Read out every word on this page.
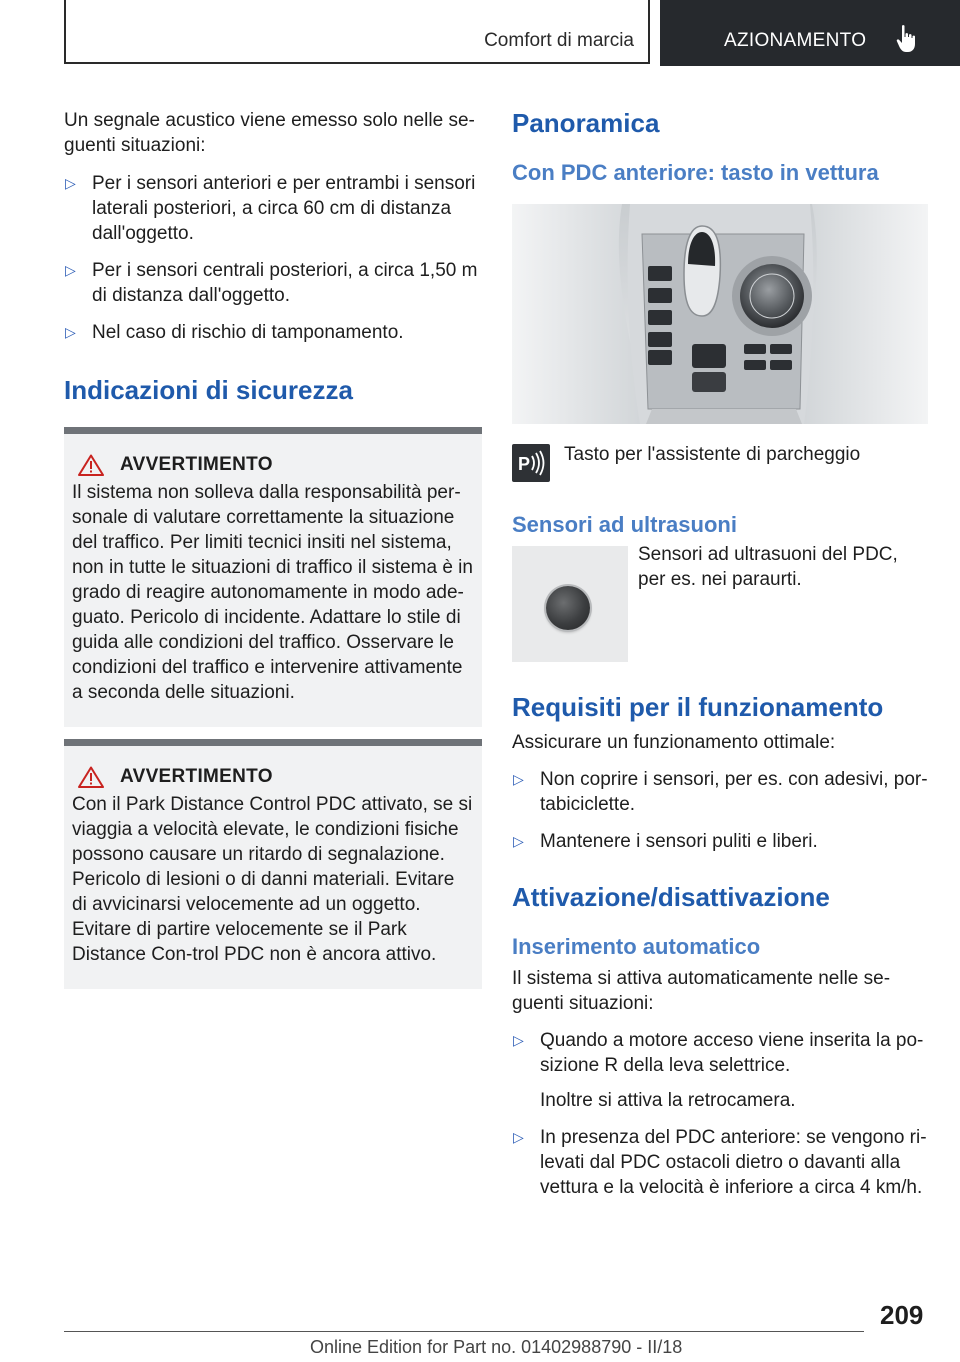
Comfort di marcia	AZIONAMENTO

Un segnale acustico viene emesso solo nelle se-guenti situazioni:

▷ Per i sensori anteriori e per entrambi i sensori laterali posteriori, a circa 60 cm di distanza dall'oggetto.
▷ Per i sensori centrali posteriori, a circa 1,50 m di distanza dall'oggetto.
▷ Nel caso di rischio di tamponamento.
Indicazioni di sicurezza
AVVERTIMENTO

Il sistema non solleva dalla responsabilità per-sonale di valutare correttamente la situazione del traffico. Per limiti tecnici insiti nel sistema, non in tutte le situazioni di traffico il sistema è in grado di reagire autonomamente in modo ade-guato. Pericolo di incidente. Adattare lo stile di guida alle condizioni del traffico. Osservare le condizioni del traffico e intervenire attivamente a seconda delle situazioni.

AVVERTIMENTO

Con il Park Distance Control PDC attivato, se si viaggia a velocità elevate, le condizioni fisiche possono causare un ritardo di segnalazione. Pericolo di lesioni o di danni materiali. Evitare di avvicinarsi velocemente ad un oggetto. Evitare di partire velocemente se il Park Distance Con-trol PDC non è ancora attivo.

Panoramica
Con PDC anteriore: tasto in vettura
P Tasto per l'assistente di parcheggio

Sensori ad ultrasuoni

Sensori ad ultrasuoni del PDC, per es. nei paraurti.

Requisiti per il funzionamento

Assicurare un funzionamento ottimale:

▷ Non coprire i sensori, per es. con adesivi, por-tabiciclette.
▷ Mantenere i sensori puliti e liberi.
Attivazione/disattivazione
Inserimento automatico

Il sistema si attiva automaticamente nelle se-guenti situazioni:

▷ Quando a motore acceso viene inserita la po-sizione R della leva selettrice.
Inoltre si attiva la retrocamera.
▷ In presenza del PDC anteriore: se vengono ri-levati dal PDC ostacoli dietro o davanti alla vettura e la velocità è inferiore a circa 4 km/h.
209
Online Edition for Part no. 01402988790 - II/18
